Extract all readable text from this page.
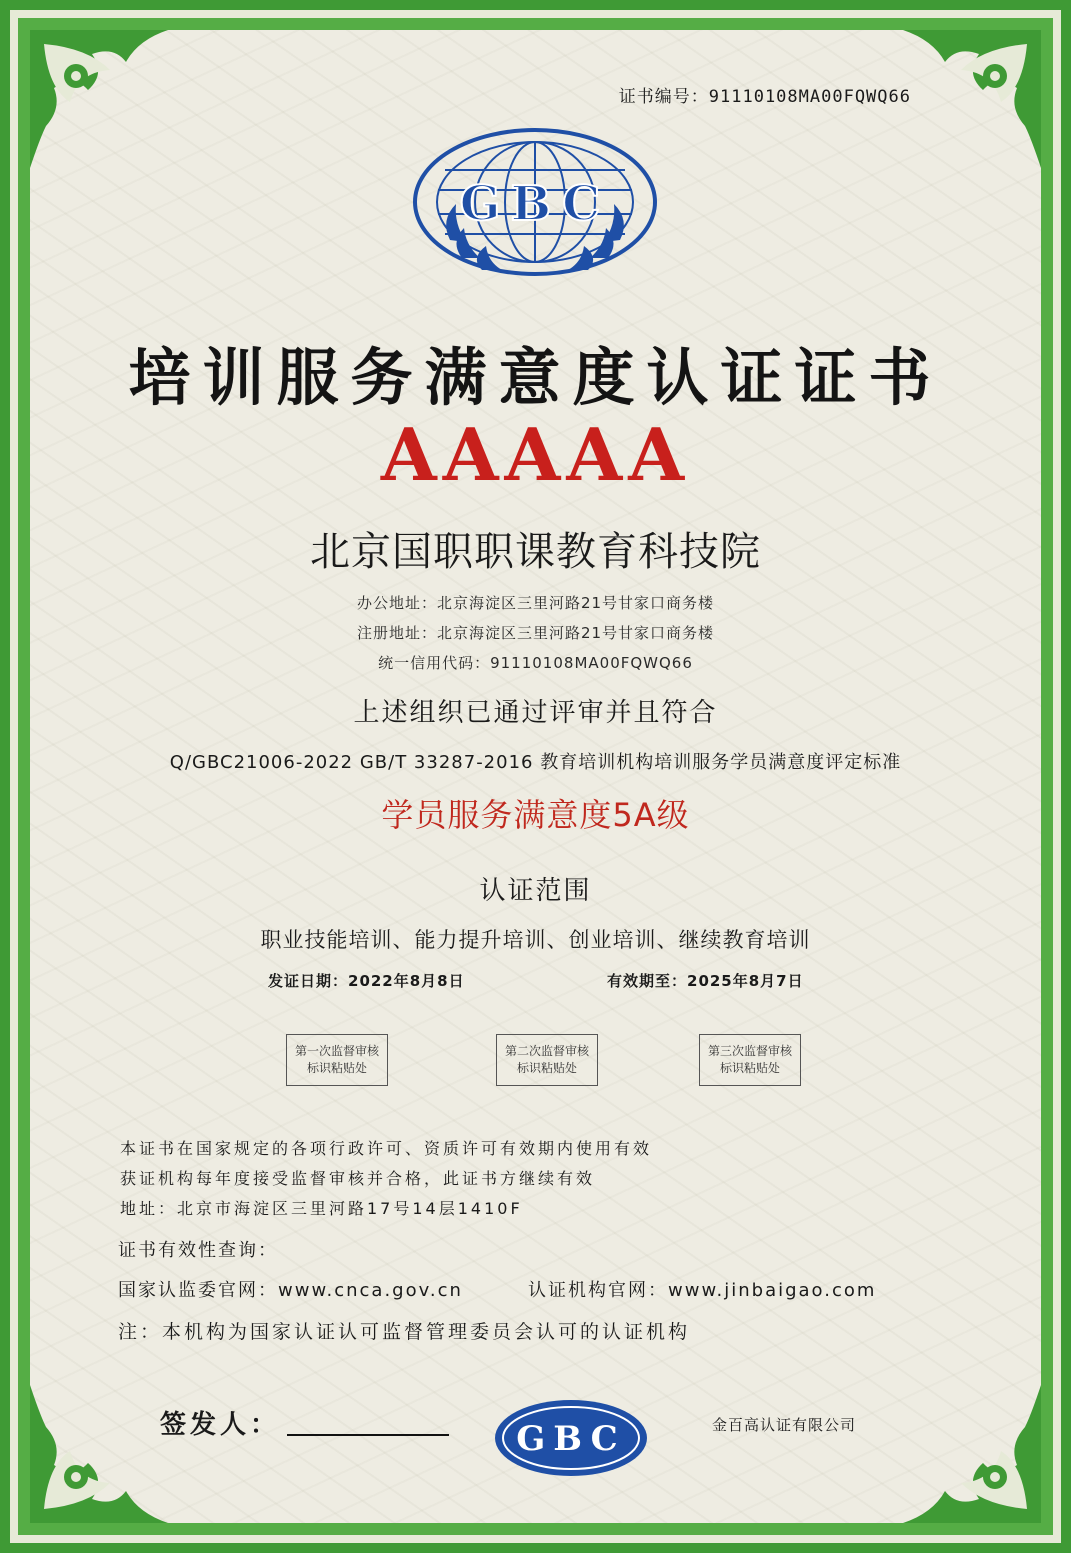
证书编号：91110108MA00FQWQ66
GBC
培训服务满意度认证证书
AAAAA
北京国职职课教育科技院
办公地址：北京海淀区三里河路21号甘家口商务楼
注册地址：北京海淀区三里河路21号甘家口商务楼
统一信用代码：91110108MA00FQWQ66
上述组织已通过评审并且符合
Q/GBC21006-2022 GB/T 33287-2016 教育培训机构培训服务学员满意度评定标准
学员服务满意度5A级
认证范围
职业技能培训、能力提升培训、创业培训、继续教育培训
发证日期：2022年8月8日	有效期至：2025年8月7日
第一次监督审核
标识粘贴处
第二次监督审核
标识粘贴处
第三次监督审核
标识粘贴处
本证书在国家规定的各项行政许可、资质许可有效期内使用有效
获证机构每年度接受监督审核并合格，此证书方继续有效
地址：北京市海淀区三里河路17号14层1410F
证书有效性查询：
国家认监委官网：www.cnca.gov.cn	认证机构官网：www.jinbaigao.com
注：本机构为国家认证认可监督管理委员会认可的认证机构
签发人：	GBC	金百高认证有限公司
